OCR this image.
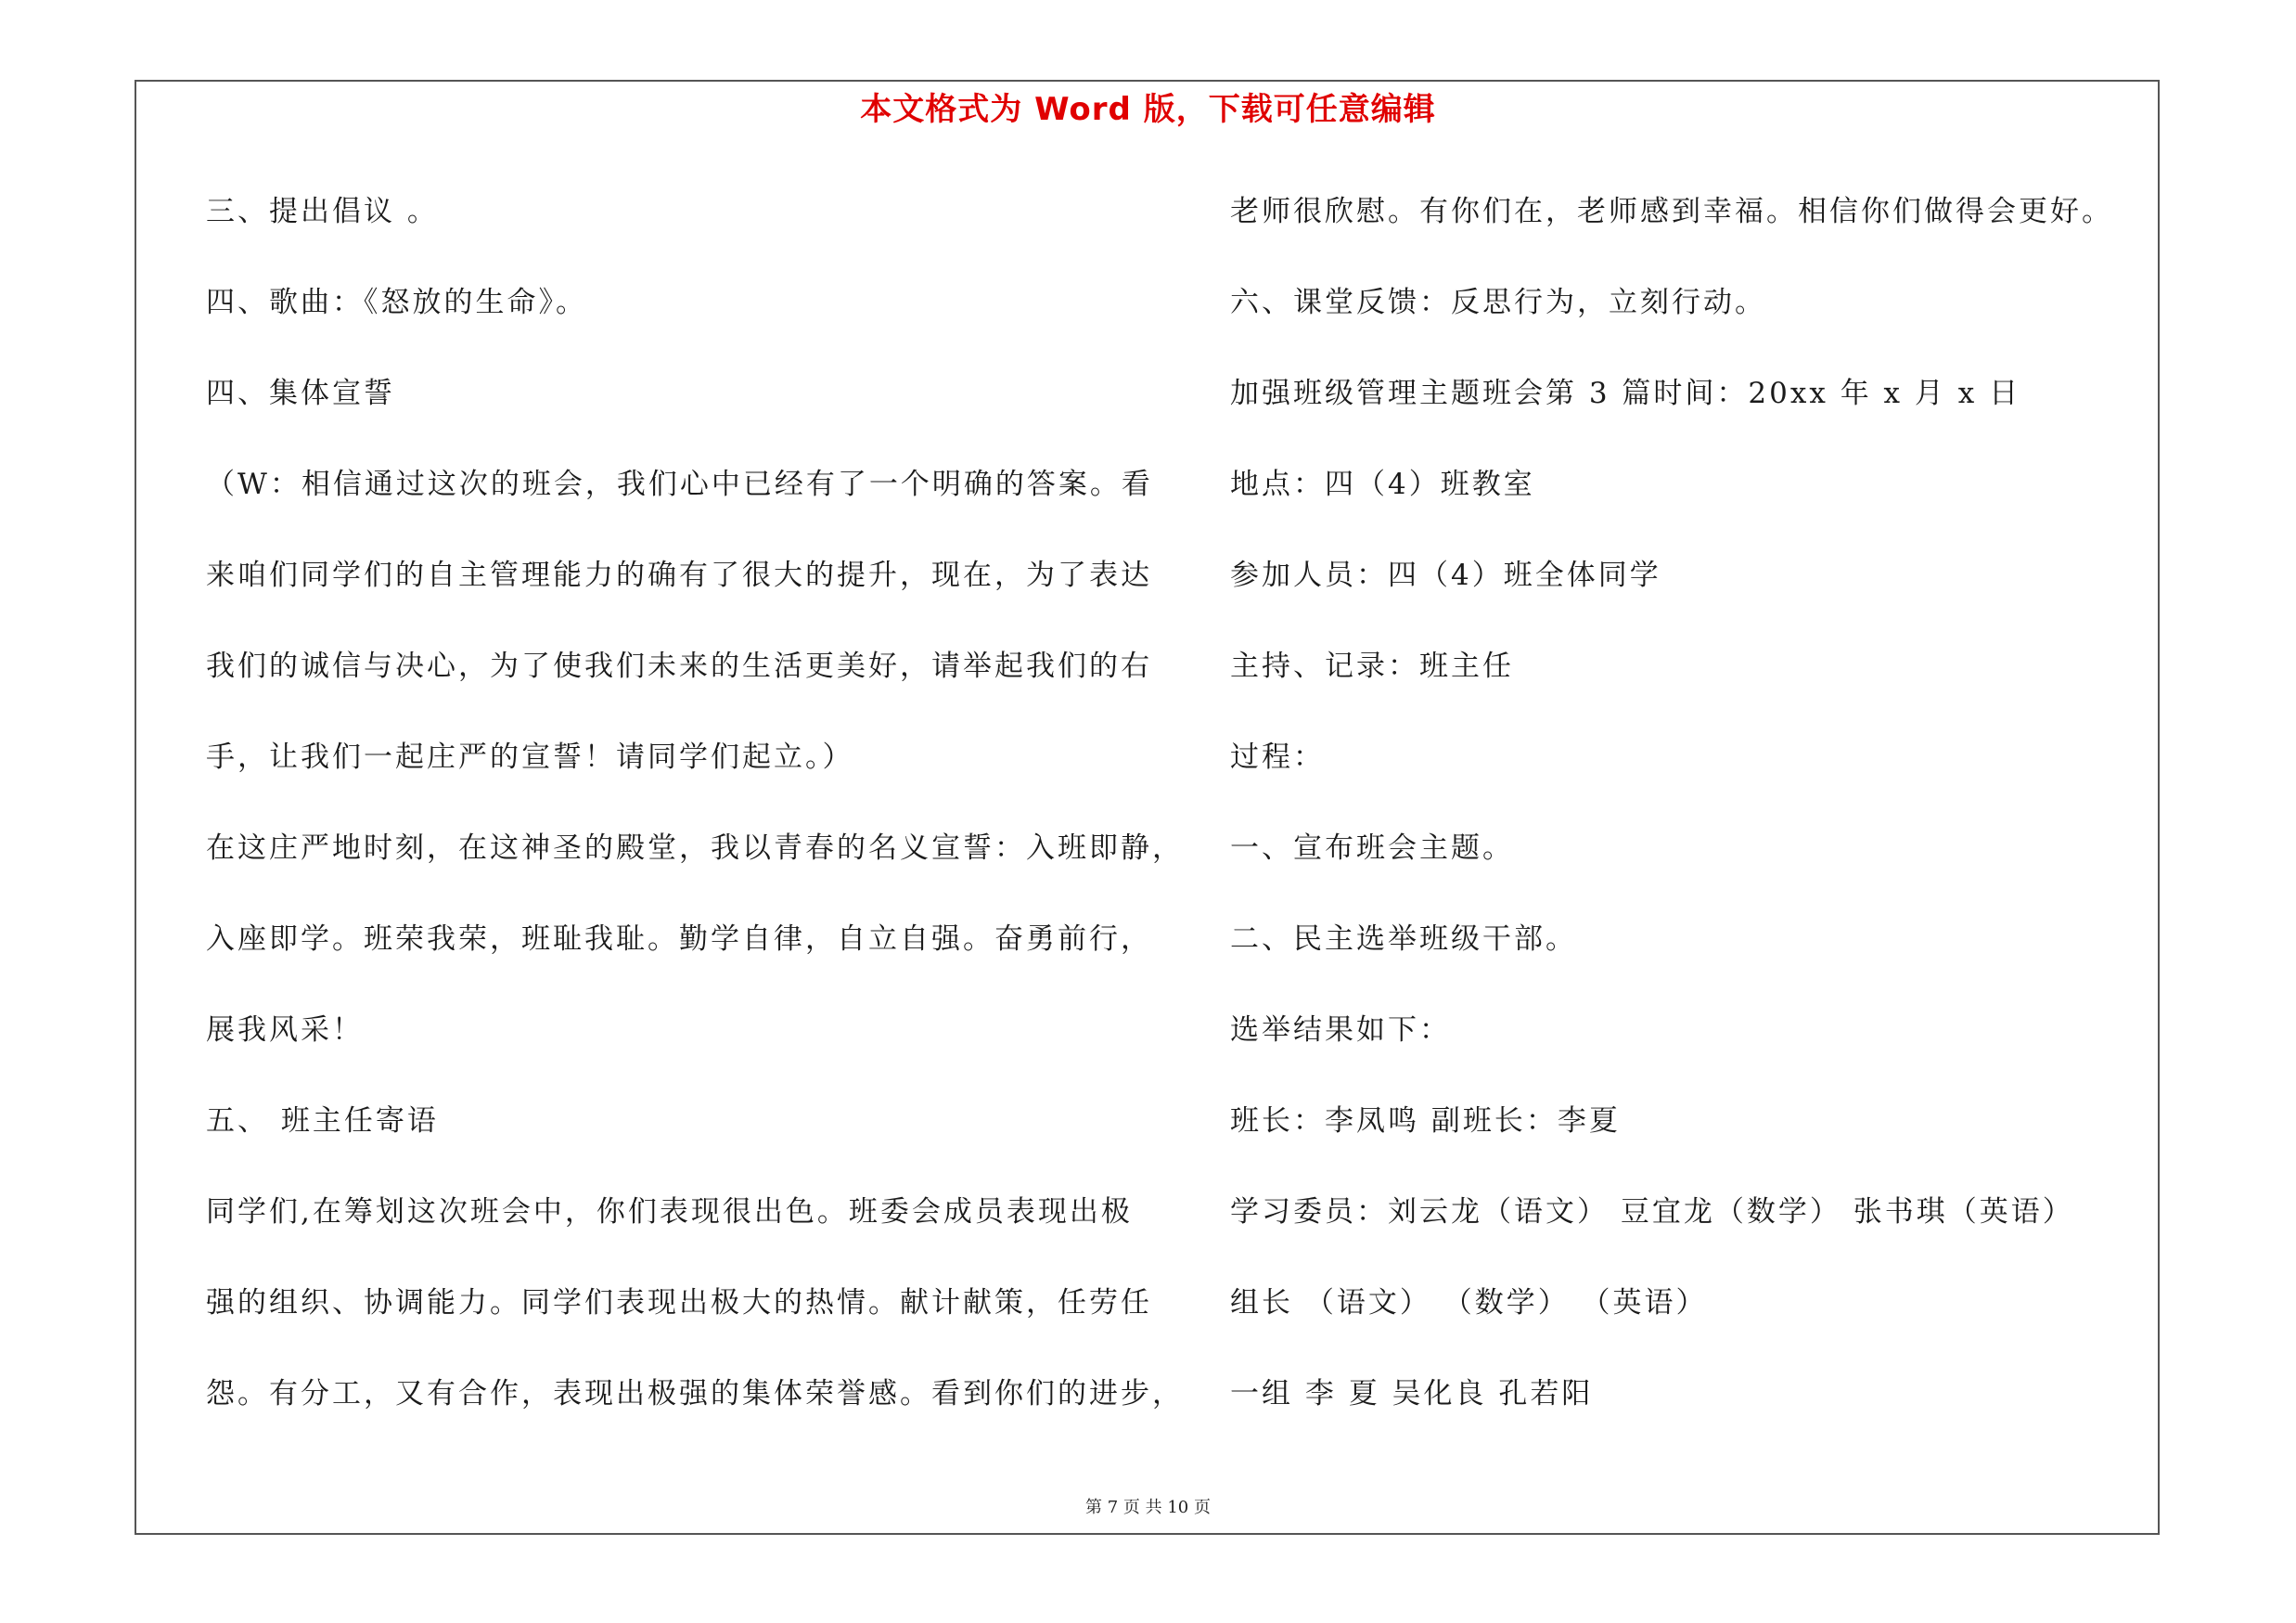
本文格式为 Word 版，下载可任意编辑
三、提出倡议 。
四、歌曲：《怒放的生命》。
四、集体宣誓
（W：相信通过这次的班会，我们心中已经有了一个明确的答案。看
来咱们同学们的自主管理能力的确有了很大的提升，现在，为了表达
我们的诚信与决心，为了使我们未来的生活更美好，请举起我们的右
手，让我们一起庄严的宣誓！请同学们起立。）
在这庄严地时刻，在这神圣的殿堂，我以青春的名义宣誓：入班即静，
入座即学。班荣我荣，班耻我耻。勤学自律，自立自强。奋勇前行，
展我风采！
五、 班主任寄语
同学们,在筹划这次班会中，你们表现很出色。班委会成员表现出极
强的组织、协调能力。同学们表现出极大的热情。献计献策，任劳任
怨。有分工，又有合作，表现出极强的集体荣誉感。看到你们的进步，
老师很欣慰。有你们在，老师感到幸福。相信你们做得会更好。
六、课堂反馈：反思行为，立刻行动。
加强班级管理主题班会第 3 篇时间：20xx 年 x 月 x 日
地点：四（4）班教室
参加人员：四（4）班全体同学
主持、记录：班主任
过程：
一、宣布班会主题。
二、民主选举班级干部。
选举结果如下：
班长：李凤鸣 副班长：李夏
学习委员：刘云龙（语文） 豆宜龙（数学） 张书琪（英语）
组长 （语文） （数学） （英语）
一组 李 夏 吴化良 孔若阳
第 7 页 共 10 页
